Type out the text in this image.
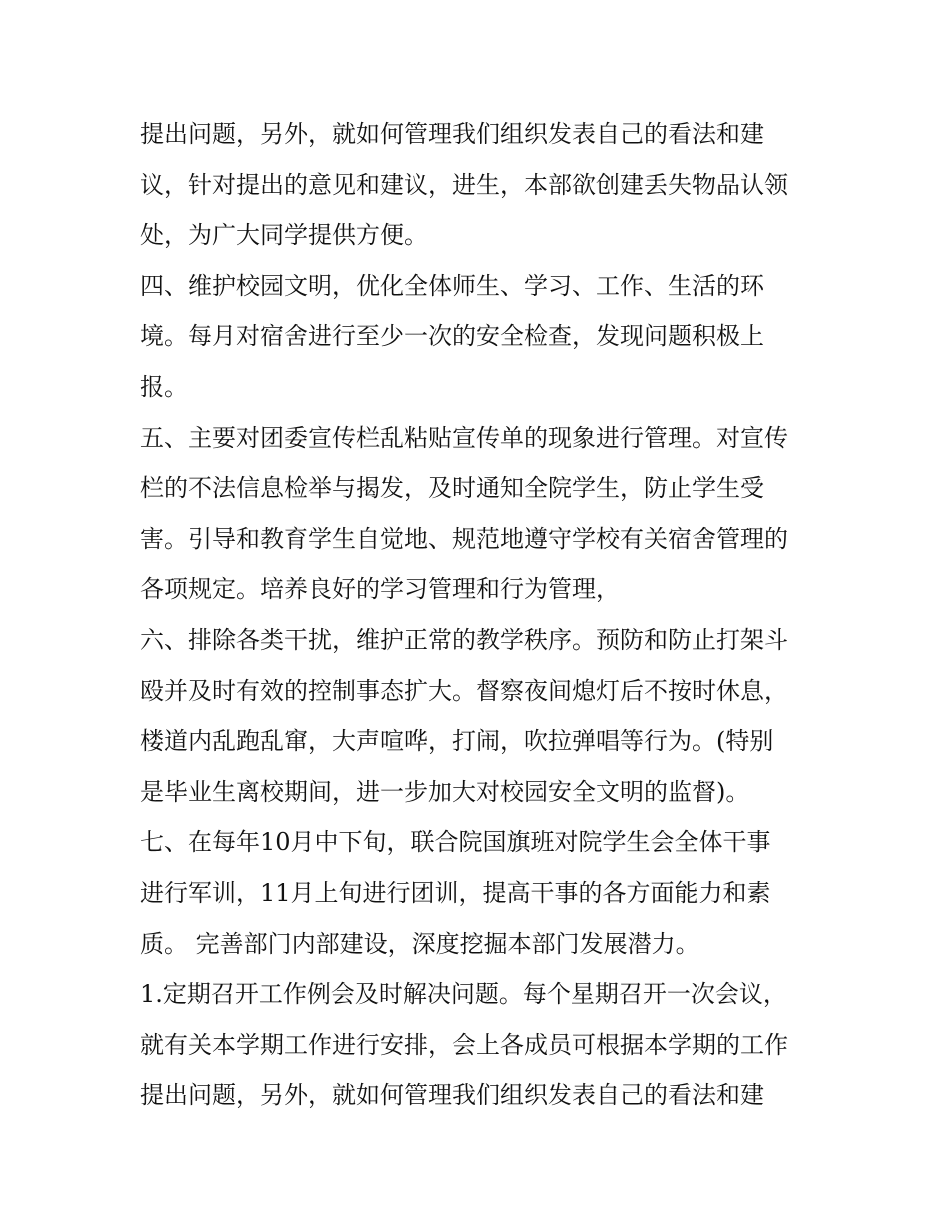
提出问题，另外，就如何管理我们组织发表自己的看法和建
议，针对提出的意见和建议，进生，本部欲创建丢失物品认领
处，为广大同学提供方便。
四、维护校园文明，优化全体师生、学习、工作、生活的环
境。每月对宿舍进行至少一次的安全检查，发现问题积极上
报。
五、主要对团委宣传栏乱粘贴宣传单的现象进行管理。对宣传
栏的不法信息检举与揭发，及时通知全院学生，防止学生受
害。引导和教育学生自觉地、规范地遵守学校有关宿舍管理的
各项规定。培养良好的学习管理和行为管理，
六、排除各类干扰，维护正常的教学秩序。预防和防止打架斗
殴并及时有效的控制事态扩大。督察夜间熄灯后不按时休息，
楼道内乱跑乱窜，大声喧哗，打闹，吹拉弹唱等行为。(特别
是毕业生离校期间，进一步加大对校园安全文明的监督)。
七、在每年10月中下旬，联合院国旗班对院学生会全体干事
进行军训，11月上旬进行团训，提高干事的各方面能力和素
质。 完善部门内部建设，深度挖掘本部门发展潜力。
1.定期召开工作例会及时解决问题。每个星期召开一次会议，
就有关本学期工作进行安排，会上各成员可根据本学期的工作
提出问题，另外，就如何管理我们组织发表自己的看法和建
